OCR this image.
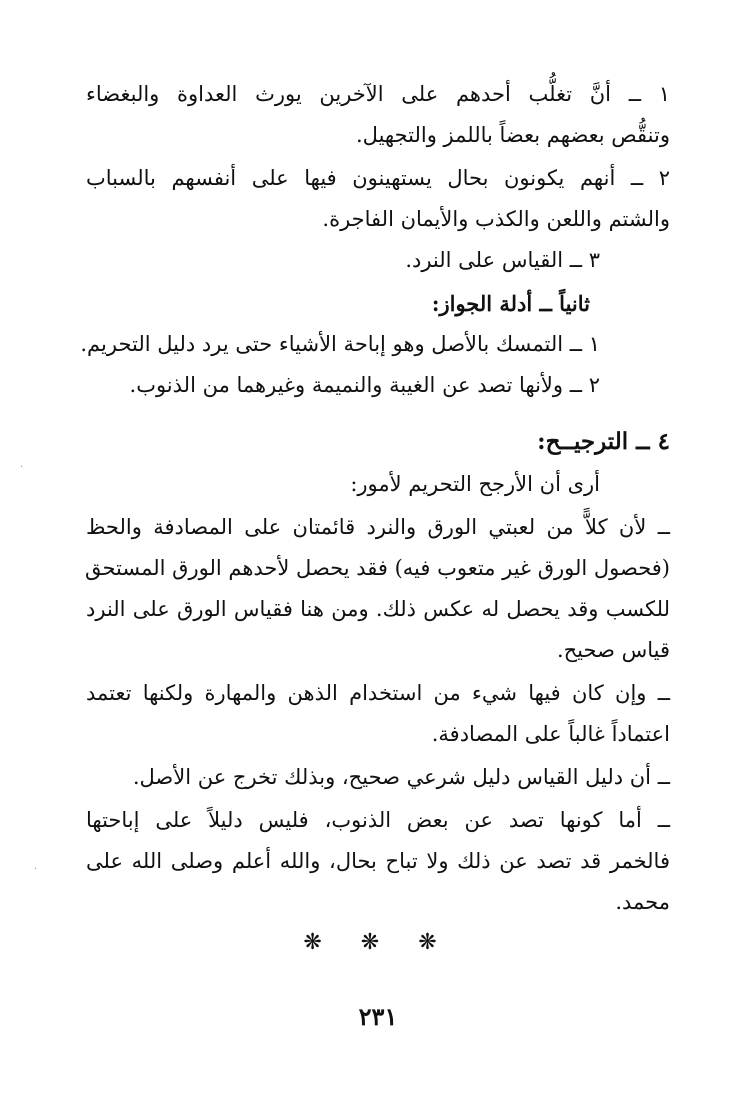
١ ــ أنَّ تغلُّب أحدهم على الآخرين يورث العداوة والبغضاء
وتنقُّص بعضهم بعضاً باللمز والتجهيل.
٢ ــ أنهم يكونون بحال يستهينون فيها على أنفسهم بالسباب
والشتم واللعن والكذب والأيمان الفاجرة.
٣ ــ القياس على النرد.
ثانياً ــ أدلة الجواز:
١ ــ التمسك بالأصل وهو إباحة الأشياء حتى يرد دليل التحريم.
٢ ــ ولأنها تصد عن الغيبة والنميمة وغيرهما من الذنوب.
٤ ــ الترجيــح:
أرى أن الأرجح التحريم لأمور:
ــ لأن كلاًّ من لعبتي الورق والنرد قائمتان على المصادفة والحظ
(فحصول الورق غير متعوب فيه) فقد يحصل لأحدهم الورق المستحق
للكسب وقد يحصل له عكس ذلك. ومن هنا فقياس الورق على النرد
قياس صحيح.
ــ وإن كان فيها شيء من استخدام الذهن والمهارة ولكنها تعتمد
اعتماداً غالباً على المصادفة.
ــ أن دليل القياس دليل شرعي صحيح، وبذلك تخرج عن الأصل.
ــ أما كونها تصد عن بعض الذنوب، فليس دليلاً على إباحتها
فالخمر قد تصد عن ذلك ولا تباح بحال، والله أعلم وصلى الله على
محمد.
❋ ❋ ❋
٢٣١
·
·
